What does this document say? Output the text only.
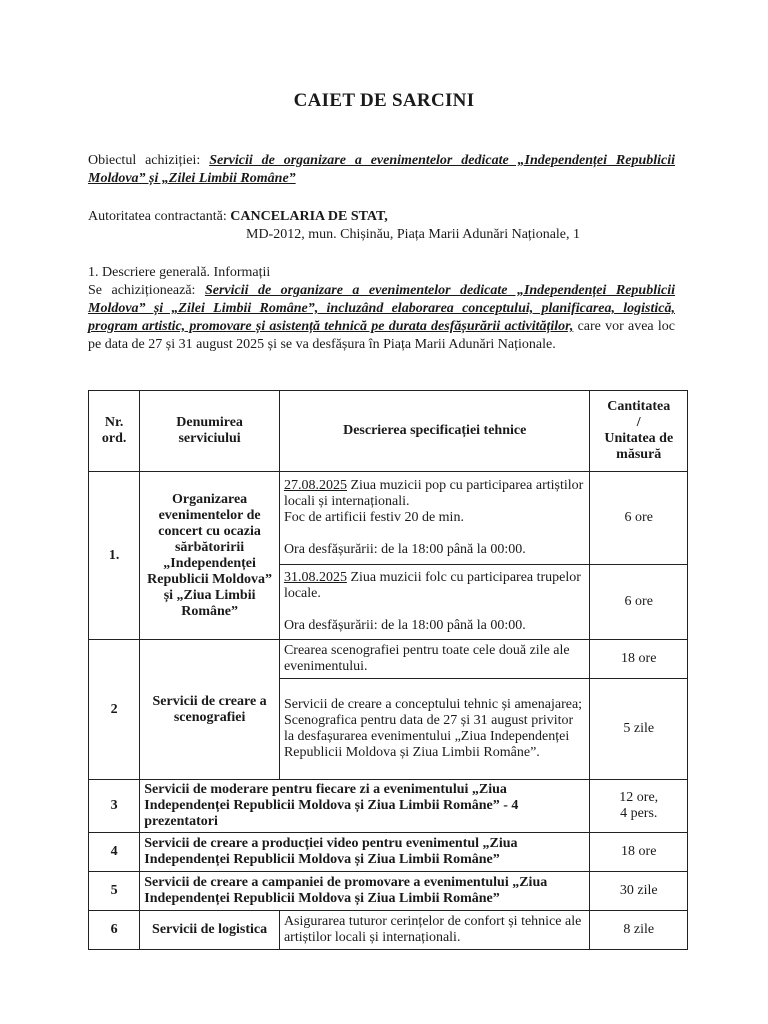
CAIET DE SARCINI
Obiectul achiziției: Servicii de organizare a evenimentelor dedicate „Independenței Republicii Moldova” și „Zilei Limbii Române”
Autoritatea contractantă: CANCELARIA DE STAT,
MD-2012, mun. Chișinău, Piața Marii Adunări Naționale, 1
1. Descriere generală. Informații
Se achiziționează: Servicii de organizare a evenimentelor dedicate „Independenței Republicii Moldova” și „Zilei Limbii Române”, incluzând elaborarea conceptului, planificarea, logistică, program artistic, promovare și asistență tehnică pe durata desfășurării activităților, care vor avea loc pe data de 27 și 31 august 2025 și se va desfășura în Piața Marii Adunări Naționale.
Nr. ord.	Denumirea serviciului	Descrierea specificației tehnice	Cantitatea
/
Unitatea de măsură

1.	Organizarea evenimentelor de concert cu ocazia sărbătoririi „Independenței Republicii Moldova” și „Ziua Limbii Române”	27.08.2025 Ziua muzicii pop cu participarea artiștilor locali și internaționali.
Foc de artificii festiv 20 de min.
Ora desfășurării: de la 18:00 până la 00:00.	6 ore
		31.08.2025 Ziua muzicii folc cu participarea trupelor locale.
Ora desfășurării: de la 18:00 până la 00:00.	6 ore
2	Servicii de creare a scenografiei	Crearea scenografiei pentru toate cele două zile ale evenimentului.	18 ore

		Servicii de creare a conceptului tehnic și amenajarea;
Scenografica pentru data de 27 și 31 august privitor la desfașurarea evenimentului „Ziua Independenței Republicii Moldova și Ziua Limbii Române”.	5 zile
3	Servicii de moderare pentru fiecare zi a evenimentului „Ziua Independenței Republicii Moldova și Ziua Limbii Române” - 4 prezentatori		12 ore,
4 pers.

4	Servicii de creare a producției video pentru evenimentul „Ziua Independenței Republicii Moldova și Ziua Limbii Române”		18 ore
5	Servicii de creare a campaniei de promovare a evenimentului „Ziua Independenței Republicii Moldova și Ziua Limbii Române”		30 zile
6	Servicii de logistica	Asigurarea tuturor cerințelor de confort și tehnice ale artiștilor locali și internaționali.	8 zile
